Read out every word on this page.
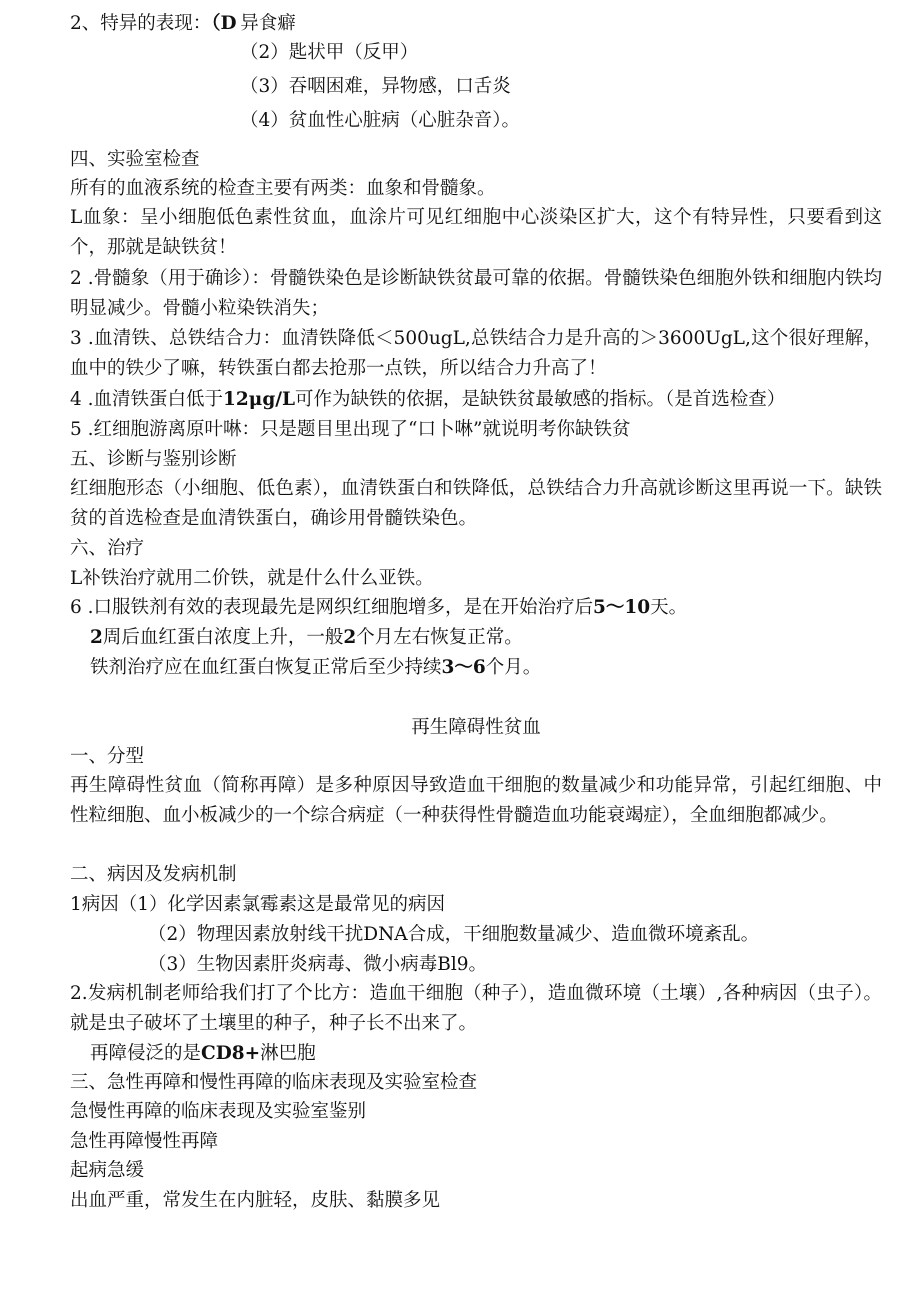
2、特异的表现：（D  异食癖
（2）匙状甲（反甲）
（3）吞咽困难，异物感，口舌炎
（4）贫血性心脏病（心脏杂音）。
四、实验室检查
所有的血液系统的检查主要有两类：血象和骨髓象。
L血象：呈小细胞低色素性贫血，血涂片可见红细胞中心淡染区扩大，这个有特异性，只要看到这个，那就是缺铁贫！
2 .骨髓象（用于确诊）：骨髓铁染色是诊断缺铁贫最可靠的依据。骨髓铁染色细胞外铁和细胞内铁均明显减少。骨髓小粒染铁消失；
3 .血清铁、总铁结合力：血清铁降低＜500ugL,总铁结合力是升高的＞3600UgL,这个很好理解，血中的铁少了嘛，转铁蛋白都去抢那一点铁，所以结合力升高了！
4 .血清铁蛋白低于12μg∕L可作为缺铁的依据，是缺铁贫最敏感的指标。（是首选检查）
5 .红细胞游离原叶啉：只是题目里出现了“口卜啉”就说明考你缺铁贫
五、诊断与鉴别诊断
红细胞形态（小细胞、低色素），血清铁蛋白和铁降低，总铁结合力升高就诊断这里再说一下。缺铁贫的首选检查是血清铁蛋白，确诊用骨髓铁染色。
六、治疗
L补铁治疗就用二价铁，就是什么什么亚铁。
6 .口服铁剂有效的表现最先是网织红细胞增多，是在开始治疗后5～10天。
2周后血红蛋白浓度上升，一般2个月左右恢复正常。
铁剂治疗应在血红蛋白恢复正常后至少持续3～6个月。
再生障碍性贫血
一、分型
再生障碍性贫血（简称再障）是多种原因导致造血干细胞的数量减少和功能异常，引起红细胞、中性粒细胞、血小板减少的一个综合病症（一种获得性骨髓造血功能衰竭症），全血细胞都减少。
二、病因及发病机制
1病因（1）化学因素氯霉素这是最常见的病因
（2）物理因素放射线干扰DNA合成，干细胞数量减少、造血微环境紊乱。
（3）生物因素肝炎病毒、微小病毒Bl9。
2.发病机制老师给我们打了个比方：造血干细胞（种子），造血微环境（土壤）,各种病因（虫子）。就是虫子破坏了土壤里的种子，种子长不出来了。
再障侵泛的是CD8+淋巴胞
三、急性再障和慢性再障的临床表现及实验室检查
急慢性再障的临床表现及实验室鉴别
急性再障慢性再障
起病急缓
出血严重，常发生在内脏轻，皮肤、黏膜多见
